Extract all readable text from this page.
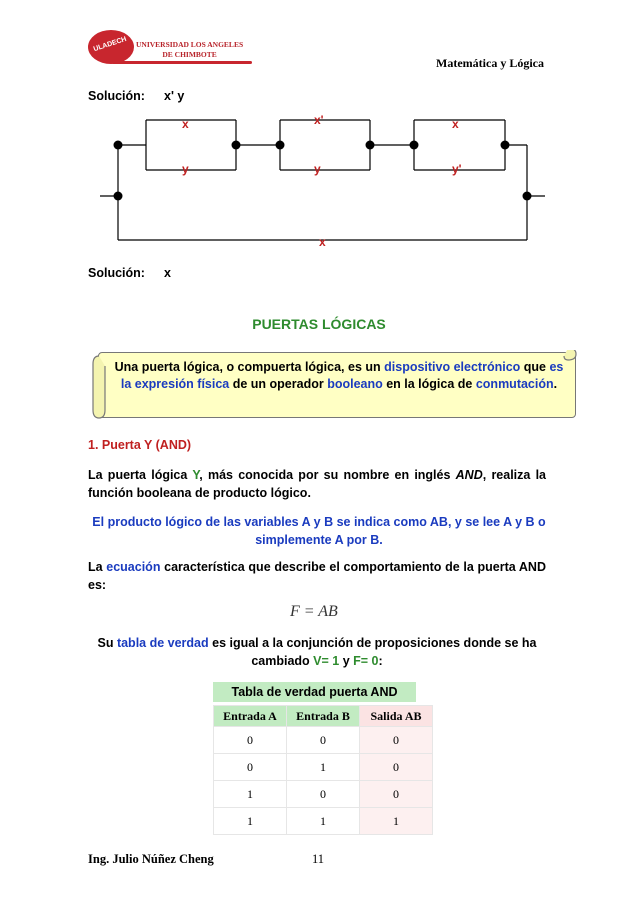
ULADECH UNIVERSIDAD LOS ANGELES
DE CHIMBOTE
Matemática y Lógica
Solución: x' y
x	x'	x
y	y	y'
x
Solución: x
PUERTAS LÓGICAS
Una puerta lógica, o compuerta lógica, es un dispositivo electrónico que es la expresión física de un operador booleano en la lógica de conmutación.
1. Puerta Y (AND)
La puerta lógica Y, más conocida por su nombre en inglés AND, realiza la función booleana de producto lógico.
El producto lógico de las variables A y B se indica como AB, y se lee A y B o simplemente A por B.
La ecuación característica que describe el comportamiento de la puerta AND es:
F = AB
Su tabla de verdad es igual a la conjunción de proposiciones donde se ha cambiado V= 1 y F= 0:
Tabla de verdad puerta AND
Entrada A	Entrada B	Salida AB
0	0	0
0	1	0
1	0	0
1	1	1
Ing. Julio Núñez Cheng	11
